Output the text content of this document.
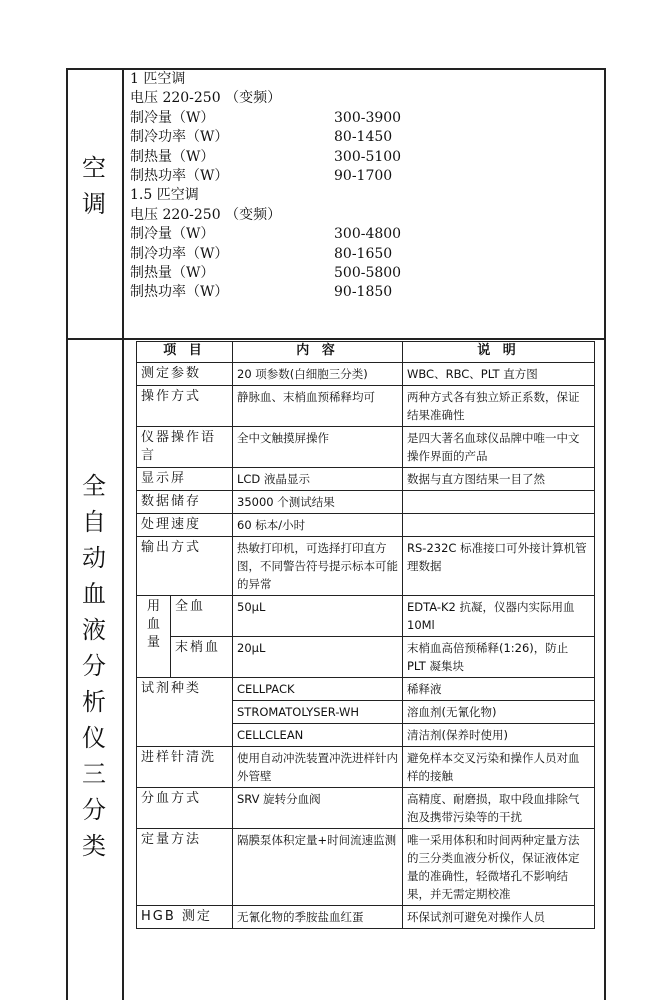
空
调
全
自
动
血
液
分
析
仪
三
分
类
1 匹空调
电压 220-250 （变频）
制冷量（W）	300-3900
制冷功率（W）	80-1450
制热量（W）	300-5100
制热功率（W）	90-1700
1.5 匹空调
电压 220-250 （变频）
制冷量（W）	300-4800
制冷功率（W）	80-1650
制热量（W）	500-5800
制热功率（W）	90-1850
项 目		内 容	说 明
测定参数		20 项参数(白细胞三分类)	WBC、RBC、PLT 直方图
操作方式		静脉血、末梢血预稀释均可	两种方式各有独立矫正系数，保证结果准确性
仪器操作语言		全中文触摸屏操作	是四大著名血球仪品牌中唯一中文操作界面的产品
显示屏		LCD 液晶显示	数据与直方图结果一目了然
数据储存		35000 个测试结果	
处理速度		60 标本/小时	
输出方式		热敏打印机，可选择打印直方图，不同警告符号提示标本可能的异常	RS-232C 标准接口可外接计算机管理数据
用血量	全血	50μL	EDTA-K2 抗凝，仪器内实际用血 10Ml
	末梢血	20μL	末梢血高倍预稀释(1:26)，防止 PLT 凝集块
试剂种类		CELLPACK	稀释液
		STROMATOLYSER-WH	溶血剂(无氰化物)
		CELLCLEAN	清洁剂(保养时使用)
进样针清洗		使用自动冲洗装置冲洗进样针内外管壁	避免样本交叉污染和操作人员对血样的接触
分血方式		SRV 旋转分血阀	高精度、耐磨损，取中段血排除气泡及携带污染等的干扰
定量方法		隔膜泵体积定量+时间流速监测	唯一采用体积和时间两种定量方法的三分类血液分析仪，保证液体定量的准确性，轻微堵孔不影响结果，并无需定期校准
HGB 测定		无氰化物的季胺盐血红蛋	环保试剂可避免对操作人员
